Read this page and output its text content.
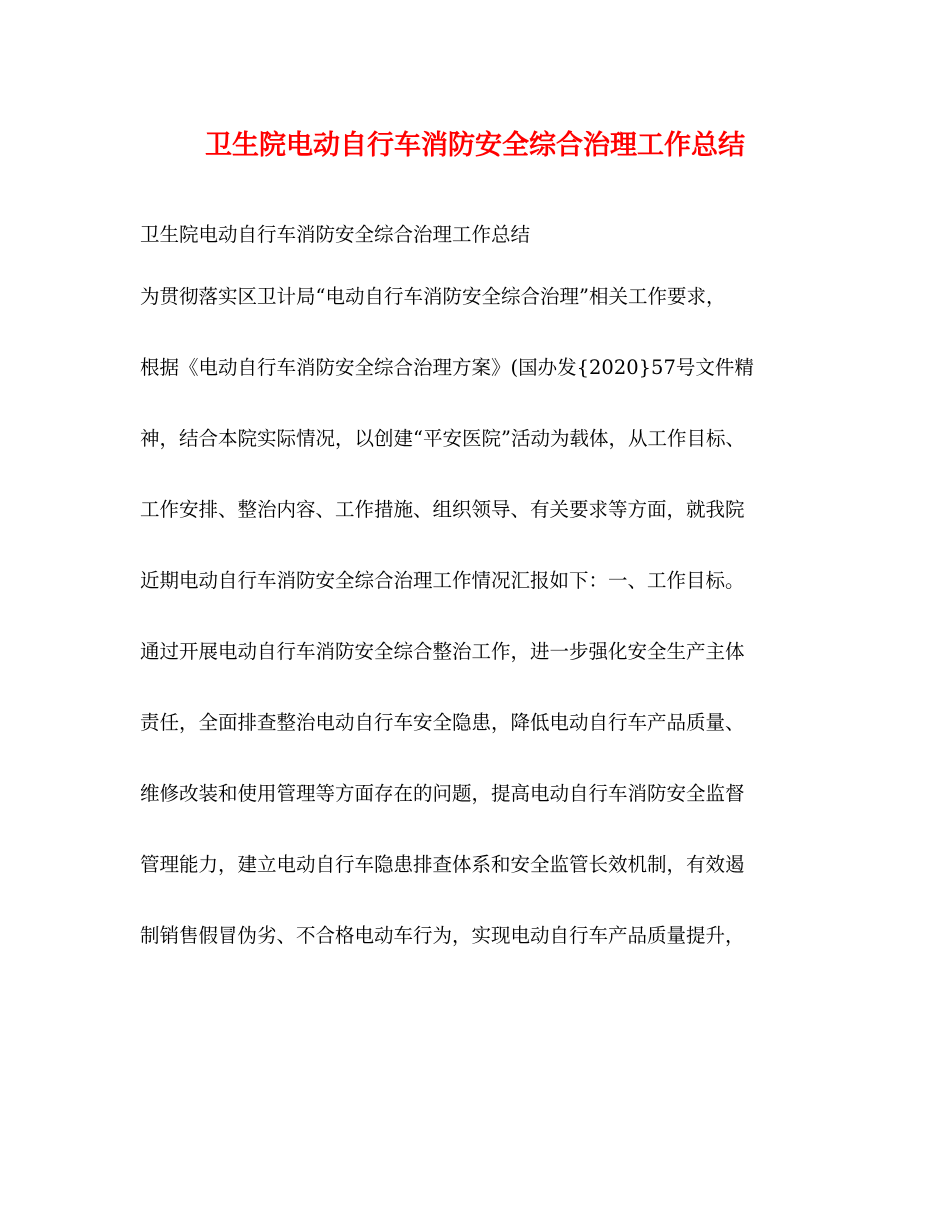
卫生院电动自行车消防安全综合治理工作总结
卫生院电动自行车消防安全综合治理工作总结
为贯彻落实区卫计局“电动自行车消防安全综合治理”相关工作要求，
根据《电动自行车消防安全综合治理方案》(国办发{2020}57号文件精
神，结合本院实际情况，以创建“平安医院”活动为载体，从工作目标、
工作安排、整治内容、工作措施、组织领导、有关要求等方面，就我院
近期电动自行车消防安全综合治理工作情况汇报如下：一、工作目标。
通过开展电动自行车消防安全综合整治工作，进一步强化安全生产主体
责任，全面排查整治电动自行车安全隐患，降低电动自行车产品质量、
维修改装和使用管理等方面存在的问题，提高电动自行车消防安全监督
管理能力，建立电动自行车隐患排查体系和安全监管长效机制，有效遏
制销售假冒伪劣、不合格电动车行为，实现电动自行车产品质量提升，
